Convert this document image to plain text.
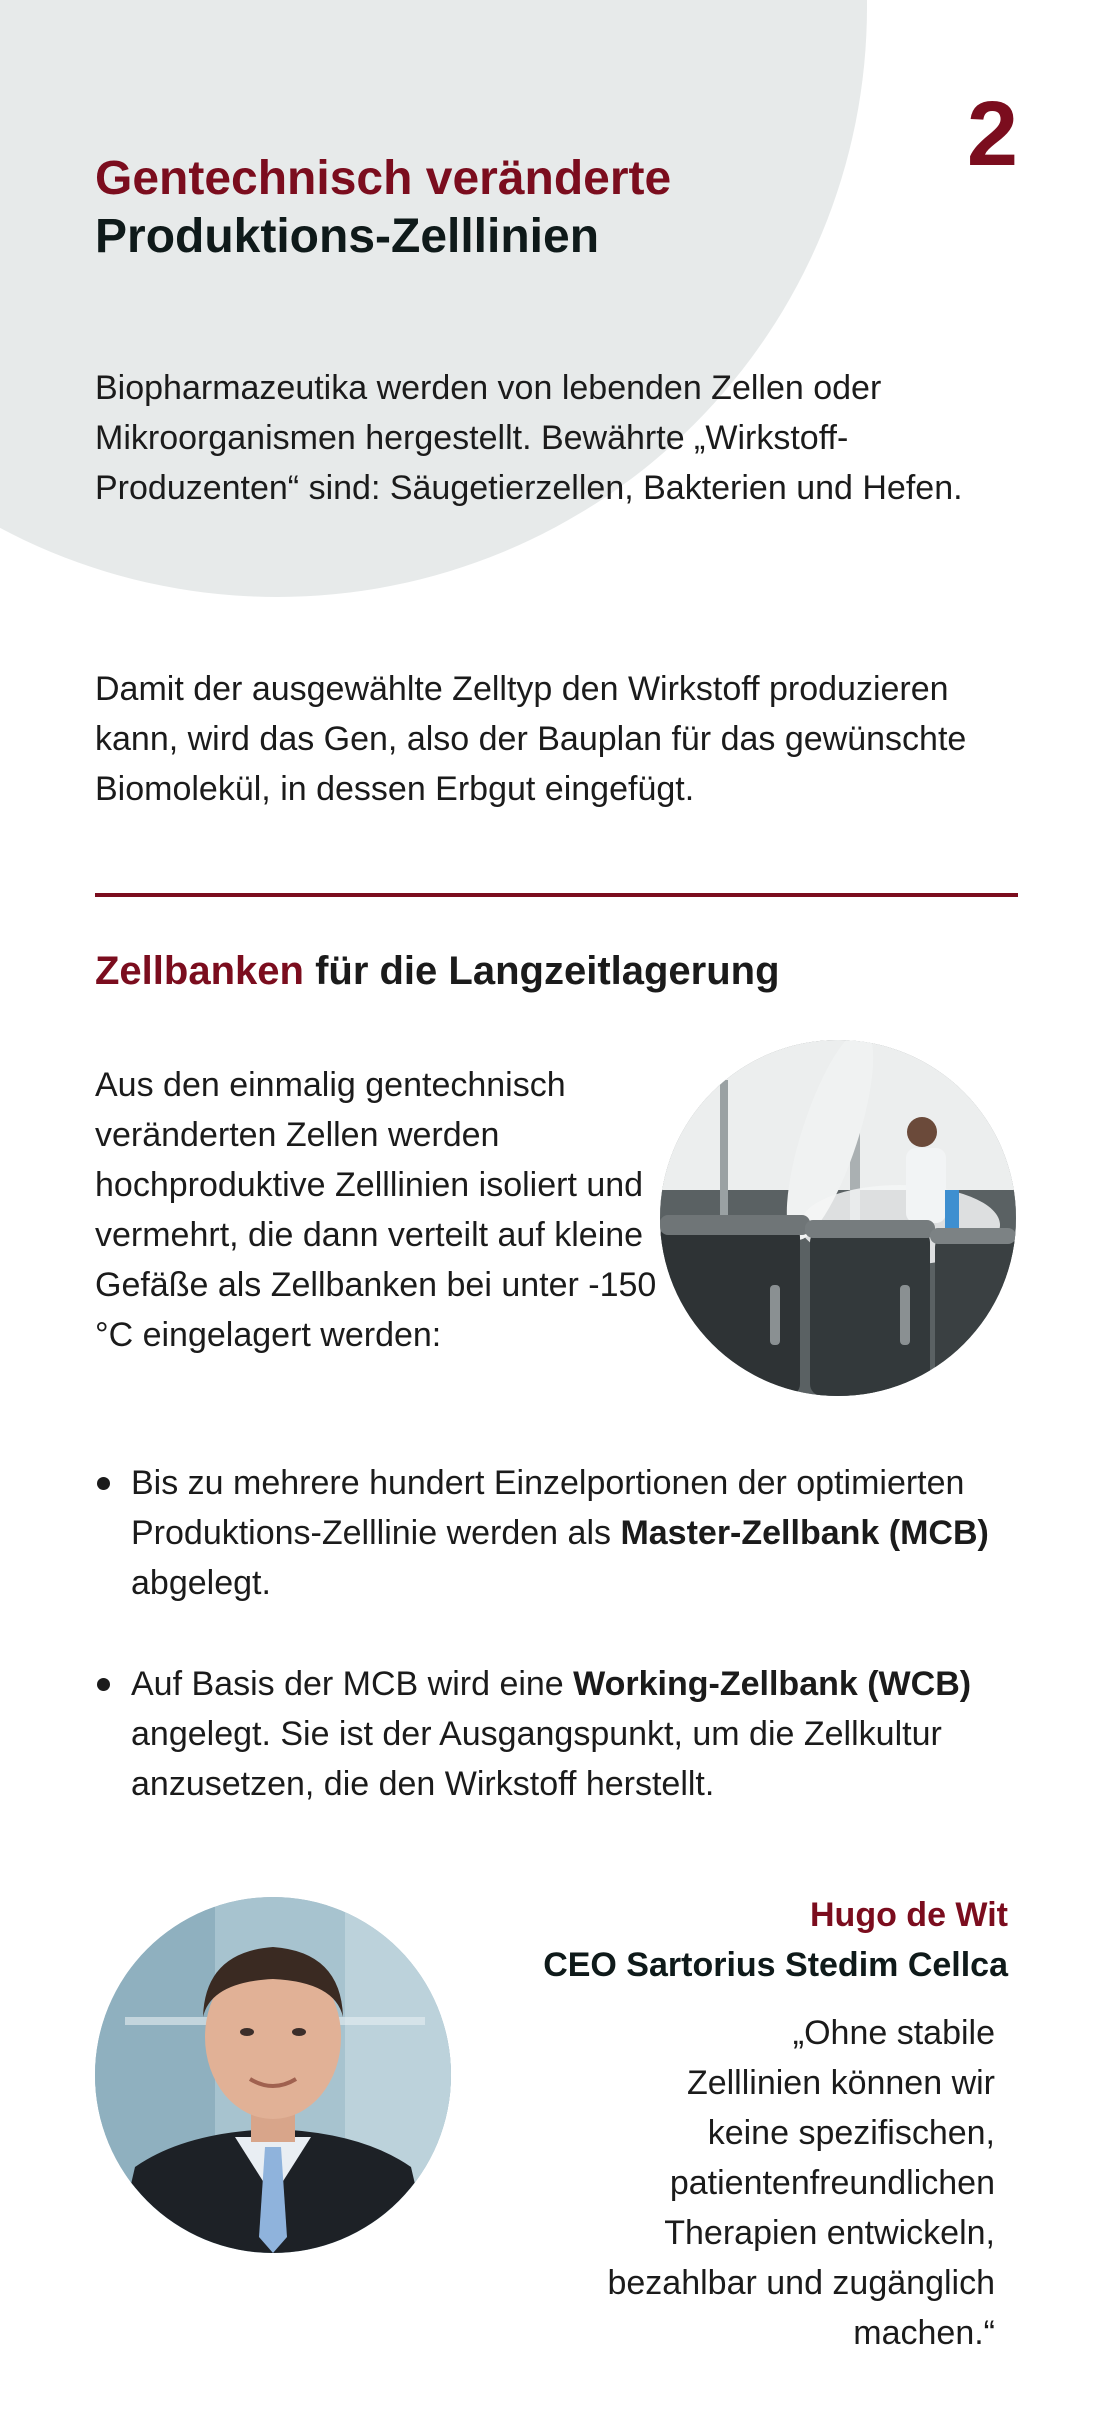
2
Gentechnisch veränderte
Produktions-Zelllinien

Biopharmazeutika werden von lebenden Zellen oder Mikroorganismen hergestellt. Bewährte „Wirkstoff-Produzenten“ sind: Säugetierzellen, Bakterien und Hefen.

Damit der ausgewählte Zelltyp den Wirkstoff produzieren kann, wird das Gen, also der Bauplan für das gewünschte Biomolekül, in dessen Erbgut eingefügt.

Zellbanken für die Langzeitlagerung

Aus den einmalig gentechnisch veränderten Zellen werden hochproduktive Zelllinien isoliert und vermehrt, die dann verteilt auf kleine Gefäße als Zellbanken bei unter -150 °C eingelagert werden:

Bis zu mehrere hundert Einzelportionen der optimierten Produktions-Zelllinie werden als Master-Zellbank (MCB) abgelegt.
Auf Basis der MCB wird eine Working-Zellbank (WCB) angelegt. Sie ist der Ausgangspunkt, um die Zellkultur anzusetzen, die den Wirkstoff herstellt.
Hugo de Wit
CEO Sartorius Stedim Cellca
„Ohne stabile
Zelllinien können wir
keine spezifischen,
patientenfreundlichen
Therapien entwickeln,
bezahlbar und zugänglich
machen.“
